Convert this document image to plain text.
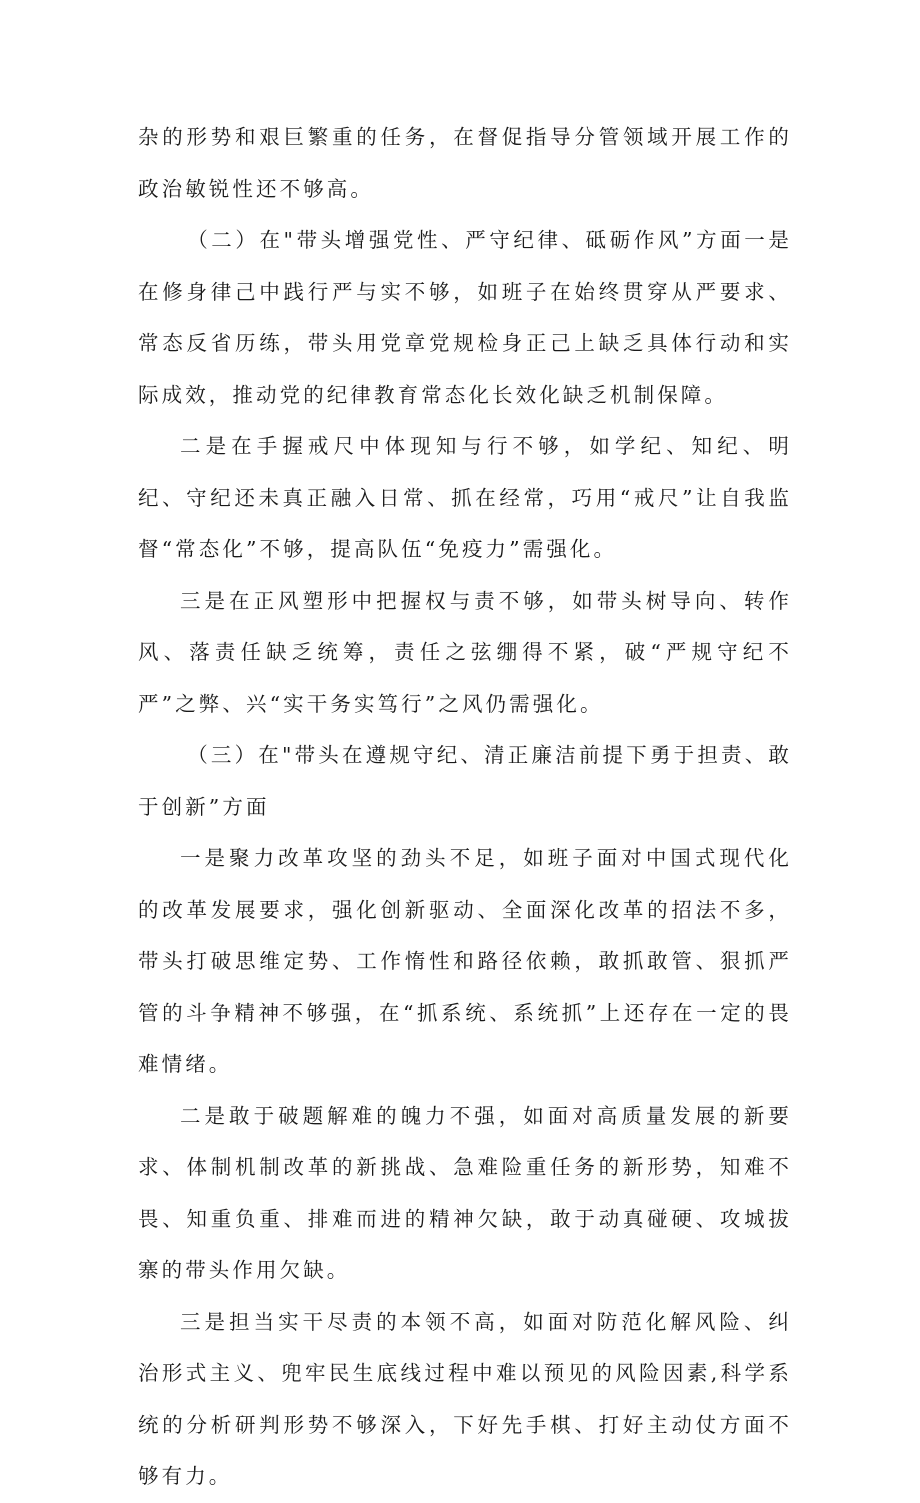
杂的形势和艰巨繁重的任务，在督促指导分管领域开展工作的政治敏锐性还不够高。

（二）在"带头增强党性、严守纪律、砥砺作风”方面一是在修身律己中践行严与实不够，如班子在始终贯穿从严要求、常态反省历练，带头用党章党规检身正己上缺乏具体行动和实际成效，推动党的纪律教育常态化长效化缺乏机制保障。

二是在手握戒尺中体现知与行不够，如学纪、知纪、明纪、守纪还未真正融入日常、抓在经常，巧用“戒尺”让自我监督“常态化”不够，提高队伍“免疫力”需强化。

三是在正风塑形中把握权与责不够，如带头树导向、转作风、落责任缺乏统筹，责任之弦绷得不紧，破“严规守纪不严”之弊、兴“实干务实笃行”之风仍需强化。

（三）在"带头在遵规守纪、清正廉洁前提下勇于担责、敢于创新”方面

一是聚力改革攻坚的劲头不足，如班子面对中国式现代化的改革发展要求，强化创新驱动、全面深化改革的招法不多，带头打破思维定势、工作惰性和路径依赖，敢抓敢管、狠抓严管的斗争精神不够强，在“抓系统、系统抓”上还存在一定的畏难情绪。

二是敢于破题解难的魄力不强，如面对高质量发展的新要求、体制机制改革的新挑战、急难险重任务的新形势，知难不畏、知重负重、排难而进的精神欠缺，敢于动真碰硬、攻城拔寨的带头作用欠缺。

三是担当实干尽责的本领不高，如面对防范化解风险、纠治形式主义、兜牢民生底线过程中难以预见的风险因素,科学系统的分析研判形势不够深入，下好先手棋、打好主动仗方面不够有力。
